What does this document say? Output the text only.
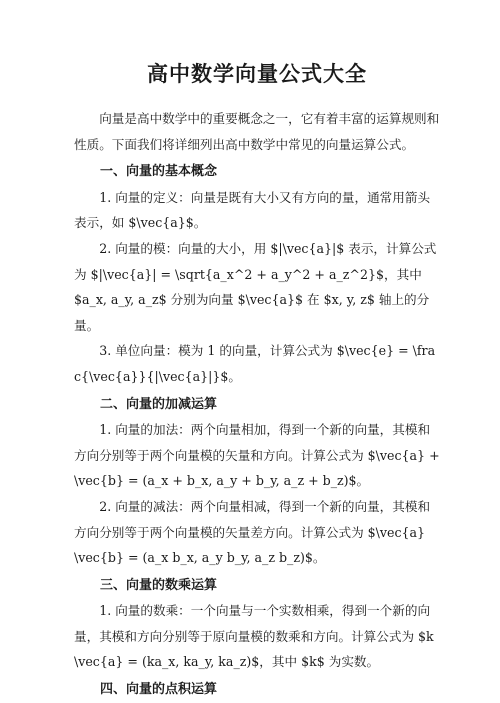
高中数学向量公式大全

向量是高中数学中的重要概念之一，它有着丰富的运算规则和性质。下面我们将详细列出高中数学中常见的向量运算公式。

一、向量的基本概念

1. 向量的定义：向量是既有大小又有方向的量，通常用箭头表示，如 $\vec{a}$。

2. 向量的模：向量的大小，用 $|\vec{a}|$ 表示，计算公式为 $|\vec{a}| = \sqrt{a_x^2 + a_y^2 + a_z^2}$，其中 $a_x, a_y, a_z$ 分别为向量 $\vec{a}$ 在 $x, y, z$ 轴上的分量。

3. 单位向量：模为 1 的向量，计算公式为 $\vec{e} = \frac{\vec{a}}{|\vec{a}|}$。

二、向量的加减运算

1. 向量的加法：两个向量相加，得到一个新的向量，其模和方向分别等于两个向量模的矢量和方向。计算公式为 $\vec{a} + \vec{b} = (a_x + b_x, a_y + b_y, a_z + b_z)$。

2. 向量的减法：两个向量相减，得到一个新的向量，其模和方向分别等于两个向量模的矢量差方向。计算公式为 $\vec{a} \vec{b} = (a_x b_x, a_y b_y, a_z b_z)$。

三、向量的数乘运算

1. 向量的数乘：一个向量与一个实数相乘，得到一个新的向量，其模和方向分别等于原向量模的数乘和方向。计算公式为 $k\vec{a} = (ka_x, ka_y, ka_z)$，其中 $k$ 为实数。

四、向量的点积运算
